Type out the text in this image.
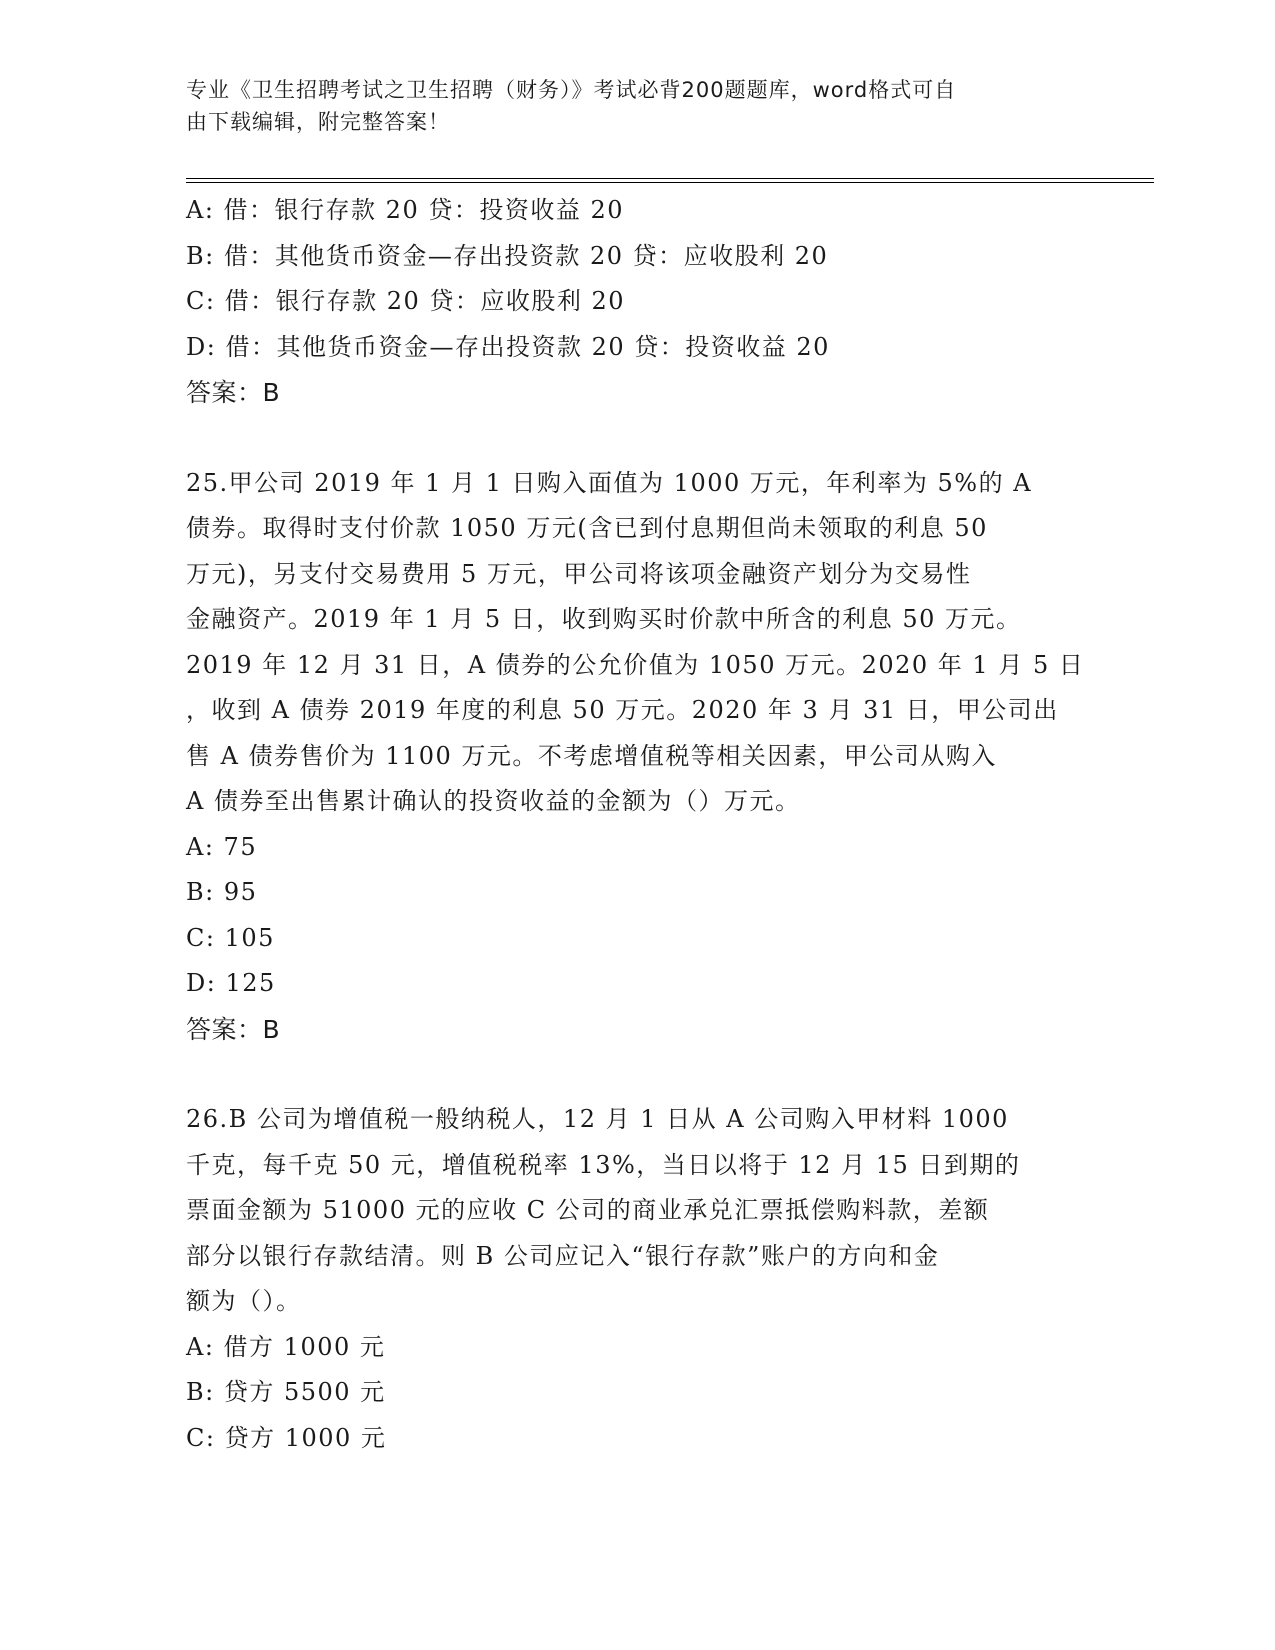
专业《卫生招聘考试之卫生招聘（财务）》考试必背200题题库，word格式可自
由下载编辑，附完整答案！
A: 借：银行存款 20 贷：投资收益 20
B: 借：其他货币资金—存出投资款 20 贷：应收股利 20
C: 借：银行存款 20 贷：应收股利 20
D: 借：其他货币资金—存出投资款 20 贷：投资收益 20
答案：B
25.甲公司 2019 年 1 月 1 日购入面值为 1000 万元，年利率为 5%的 A
债券。取得时支付价款 1050 万元(含已到付息期但尚未领取的利息 50
万元)，另支付交易费用 5 万元，甲公司将该项金融资产划分为交易性
金融资产。2019 年 1 月 5 日，收到购买时价款中所含的利息 50 万元。
2019 年 12 月 31 日，A 债券的公允价值为 1050 万元。2020 年 1 月 5 日
，收到 A 债券 2019 年度的利息 50 万元。2020 年 3 月 31 日，甲公司出
售 A 债券售价为 1100 万元。不考虑增值税等相关因素，甲公司从购入
A 债券至出售累计确认的投资收益的金额为（）万元。
A: 75
B: 95
C: 105
D: 125
答案：B
26.B 公司为增值税一般纳税人，12 月 1 日从 A 公司购入甲材料 1000
千克，每千克 50 元，增值税税率 13%，当日以将于 12 月 15 日到期的
票面金额为 51000 元的应收 C 公司的商业承兑汇票抵偿购料款，差额
部分以银行存款结清。则 B 公司应记入“银行存款”账户的方向和金
额为（）。
A: 借方 1000 元
B: 贷方 5500 元
C: 贷方 1000 元
